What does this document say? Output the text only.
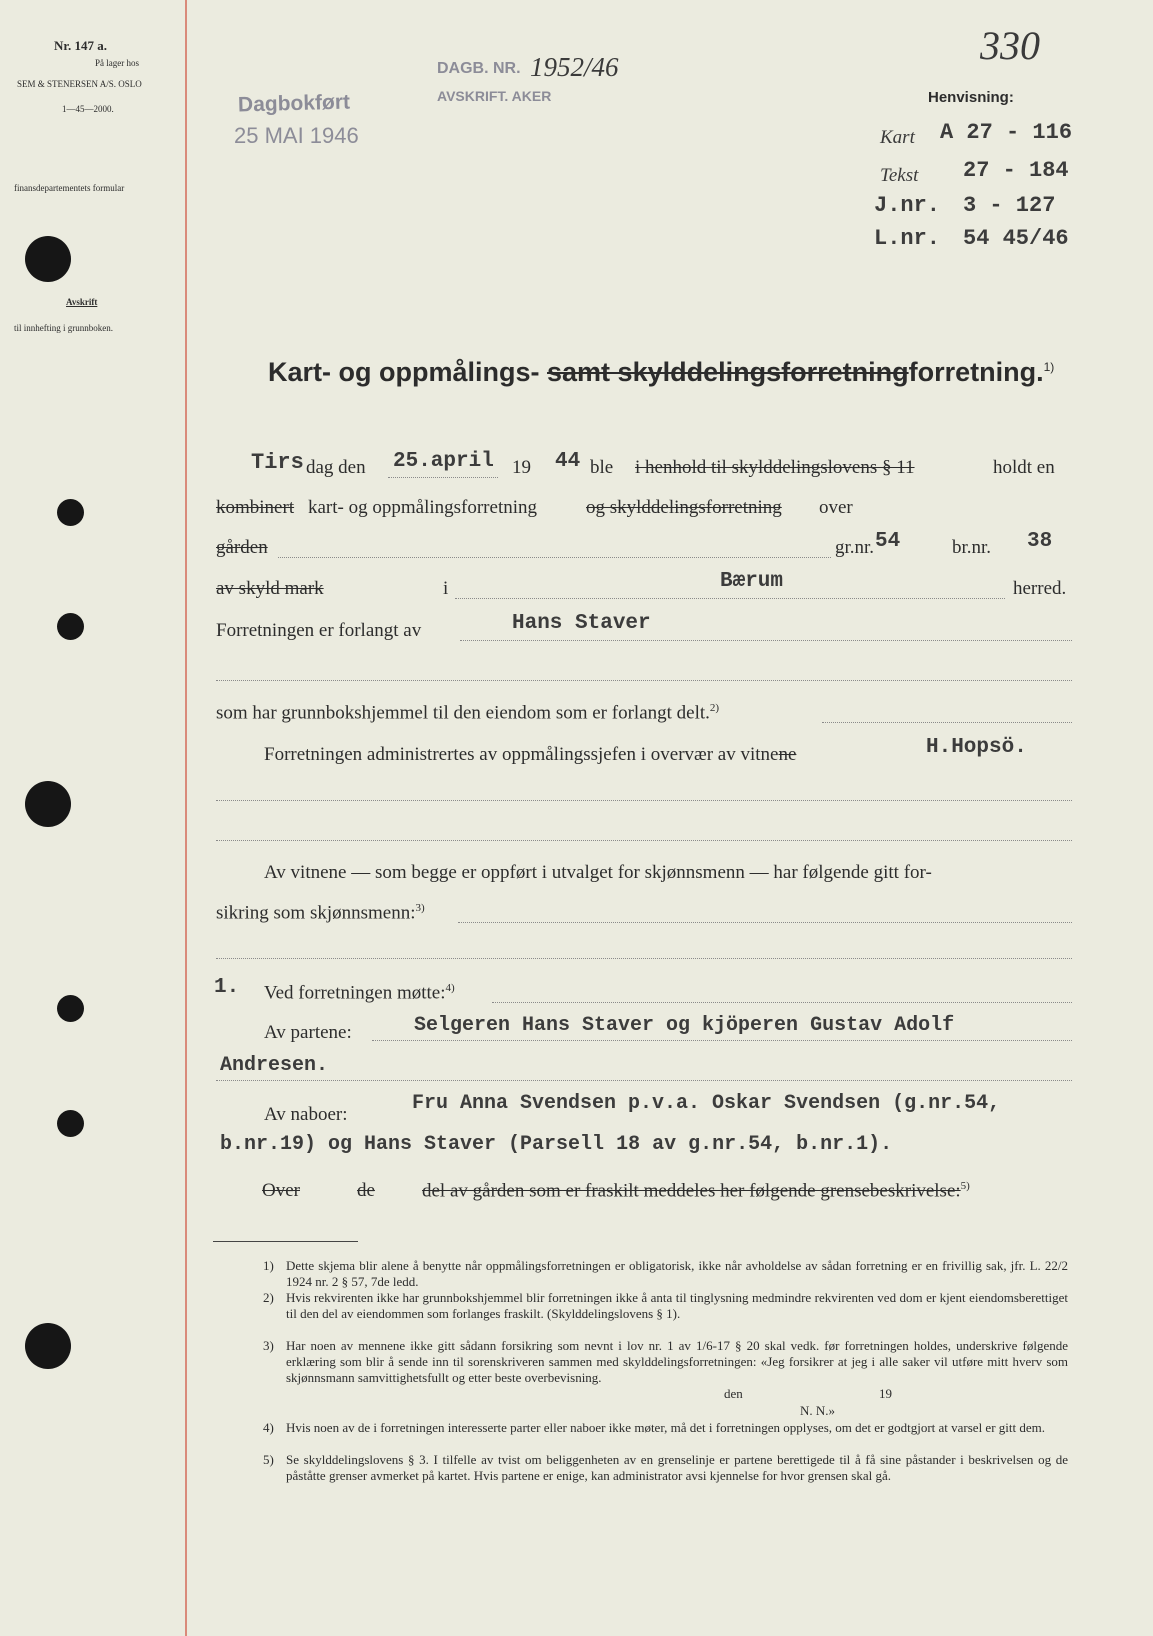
Nr. 147 a.
På lager hos
SEM & STENERSEN A/S. OSLO
1—45—2000.
finansdepartementets formular
Avskrift
til innhefting i grunnboken.
Dagbokført
25 MAI 1946
DAGB. NR. 1952/46
AVSKRIFT. AKER
330
Henvisning:
Kart A 27 - 116
Tekst 27 - 184
J.nr. 3 - 127
L.nr. 54 45/46
Kart- og oppmålings- samt skylddelingsforretningforretning.$^{1)}$
Tirs dag den 25.april 19 44 ble i henhold til skylddelingslovens § 11	holdt en
kombinert kart- og oppmålingsforretning	og skylddelingsforretning over
gården	gr.nr. 54	br.nr. 38
av skyld mark	i	Bærum	herred.
Forretningen er forlangt av	Hans Staver
som har grunnbokshjemmel til den eiendom som er forlangt delt.$^{2)}$
Forretningen administrertes av oppmålingssjefen i overvær av vitnene	H.Hopsö.
Av vitnene — som begge er oppført i utvalget for skjønnsmenn — har følgende gitt for-
sikring som skjønnsmenn:$^{3)}$
1. Ved forretningen møtte:$^{4)}$
Av partene:	Selgeren Hans Staver og kjöperen Gustav Adolf
Andresen.
Av naboer:	Fru Anna Svendsen p.v.a. Oskar Svendsen (g.nr.54,
b.nr.19) og Hans Staver (Parsell 18 av g.nr.54, b.nr.1).
Over	de del av gården som er fraskilt meddeles her følgende grensebeskrivelse:$^{5)}$
1) Dette skjema blir alene å benytte når oppmålingsforretningen er obligatorisk, ikke når avholdelse av sådan forretning er en frivillig sak, jfr. L. 22/2 1924 nr. 2 § 57, 7de ledd.
2) Hvis rekvirenten ikke har grunnbokshjemmel blir forretningen ikke å anta til tinglysning medmindre rekvirenten ved dom er kjent eiendomsberettiget til den del av eiendommen som forlanges fraskilt. (Skylddelingslovens § 1).
3) Har noen av mennene ikke gitt sådann forsikring som nevnt i lov nr. 1 av 1/6-17 § 20 skal vedk. før forretningen holdes, underskrive følgende erklæring som blir å sende inn til sorenskriveren sammen med skylddelingsforretningen: «Jeg forsikrer at jeg i alle saker vil utføre mitt hverv som skjønnsmann samvittighetsfullt og etter beste overbevisning.
den	19
N. N.»
4) Hvis noen av de i forretningen interesserte parter eller naboer ikke møter, må det i forretningen opplyses, om det er godtgjort at varsel er gitt dem.
5) Se skylddelingslovens § 3. I tilfelle av tvist om beliggenheten av en grenselinje er partene berettigede til å få sine påstander i beskrivelsen og de påståtte grenser avmerket på kartet. Hvis partene er enige, kan administrator avsi kjennelse for hvor grensen skal gå.
